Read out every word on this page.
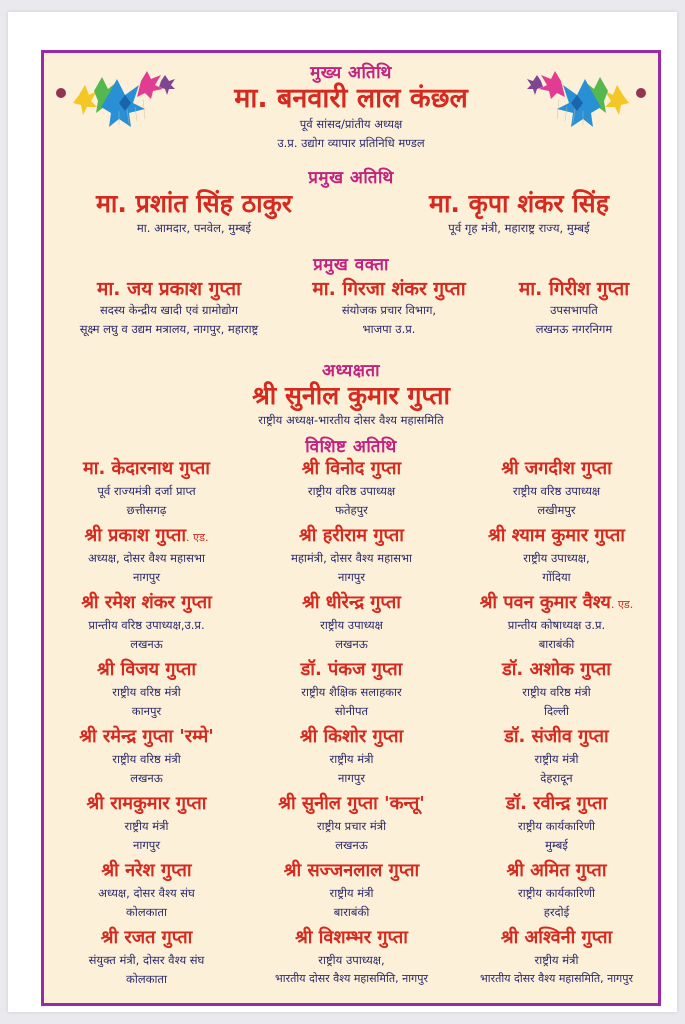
मुख्य अतिथि
मा. बनवारी लाल कंछल
पूर्व सांसद/प्रांतीय अध्यक्ष
उ.प्र. उद्योग व्यापार प्रतिनिधि मण्डल
प्रमुख अतिथि
मा. प्रशांत सिंह ठाकुर
मा. आमदार, पनवेल, मुम्बई
मा. कृपा शंकर सिंह
पूर्व गृह मंत्री, महाराष्ट्र राज्य, मुम्बई
प्रमुख वक्ता
मा. जय प्रकाश गुप्ता
सदस्य केन्द्रीय खादी एवं ग्रामोद्योग
सूक्ष्म लघु व उद्यम मत्रालय, नागपुर, महाराष्ट्र
मा. गिरजा शंकर गुप्ता
संयोजक प्रचार विभाग,
भाजपा उ.प्र.
मा. गिरीश गुप्ता
उपसभापति
लखनऊ नगरनिगम
अध्यक्षता
श्री सुनील कुमार गुप्ता
राष्ट्रीय अध्यक्ष-भारतीय दोसर वैश्य महासमिति
विशिष्ट अतिथि
मा. केदारनाथ गुप्ता
पूर्व राज्यमंत्री दर्जा प्राप्त
छत्तीसगढ़
श्री विनोद गुप्ता
राष्ट्रीय वरिष्ठ उपाध्यक्ष
फतेहपुर
श्री जगदीश गुप्ता
राष्ट्रीय वरिष्ठ उपाध्यक्ष
लखीमपुर
श्री प्रकाश गुप्ता. एड.
अध्यक्ष, दोसर वैश्य महासभा
नागपुर
श्री हरीराम गुप्ता
महामंत्री, दोसर वैश्य महासभा
नागपुर
श्री श्याम कुमार गुप्ता
राष्ट्रीय उपाध्यक्ष,
गोंदिया
श्री रमेश शंकर गुप्ता
प्रान्तीय वरिष्ठ उपाध्यक्ष,उ.प्र.
लखनऊ
श्री धीरेन्द्र गुप्ता
राष्ट्रीय उपाध्यक्ष
लखनऊ
श्री पवन कुमार वैश्य. एड.
प्रान्तीय कोषाध्यक्ष उ.प्र.
बाराबंकी
श्री विजय गुप्ता
राष्ट्रीय वरिष्ठ मंत्री
कानपुर
डॉ. पंकज गुप्ता
राष्ट्रीय शैक्षिक सलाहकार
सोनीपत
डॉ. अशोक गुप्ता
राष्ट्रीय वरिष्ठ मंत्री
दिल्ली
श्री रमेन्द्र गुप्ता 'रम्मे'
राष्ट्रीय वरिष्ठ मंत्री
लखनऊ
श्री किशोर गुप्ता
राष्ट्रीय मंत्री
नागपुर
डॉ. संजीव गुप्ता
राष्ट्रीय मंत्री
देहरादून
श्री रामकुमार गुप्ता
राष्ट्रीय मंत्री
नागपुर
श्री सुनील गुप्ता 'कन्तू'
राष्ट्रीय प्रचार मंत्री
लखनऊ
डॉ. रवीन्द्र गुप्ता
राष्ट्रीय कार्यकारिणी
मुम्बई
श्री नरेश गुप्ता
अध्यक्ष, दोसर वैश्य संघ
कोलकाता
श्री सज्जनलाल गुप्ता
राष्ट्रीय मंत्री
बाराबंकी
श्री अमित गुप्ता
राष्ट्रीय कार्यकारिणी
हरदोई
श्री रजत गुप्ता
संयुक्त मंत्री, दोसर वैश्य संघ
कोलकाता
श्री विशम्भर गुप्ता
राष्ट्रीय उपाध्यक्ष,
भारतीय दोसर वैश्य महासमिति, नागपुर
श्री अश्विनी गुप्ता
राष्ट्रीय मंत्री
भारतीय दोसर वैश्य महासमिति, नागपुर
